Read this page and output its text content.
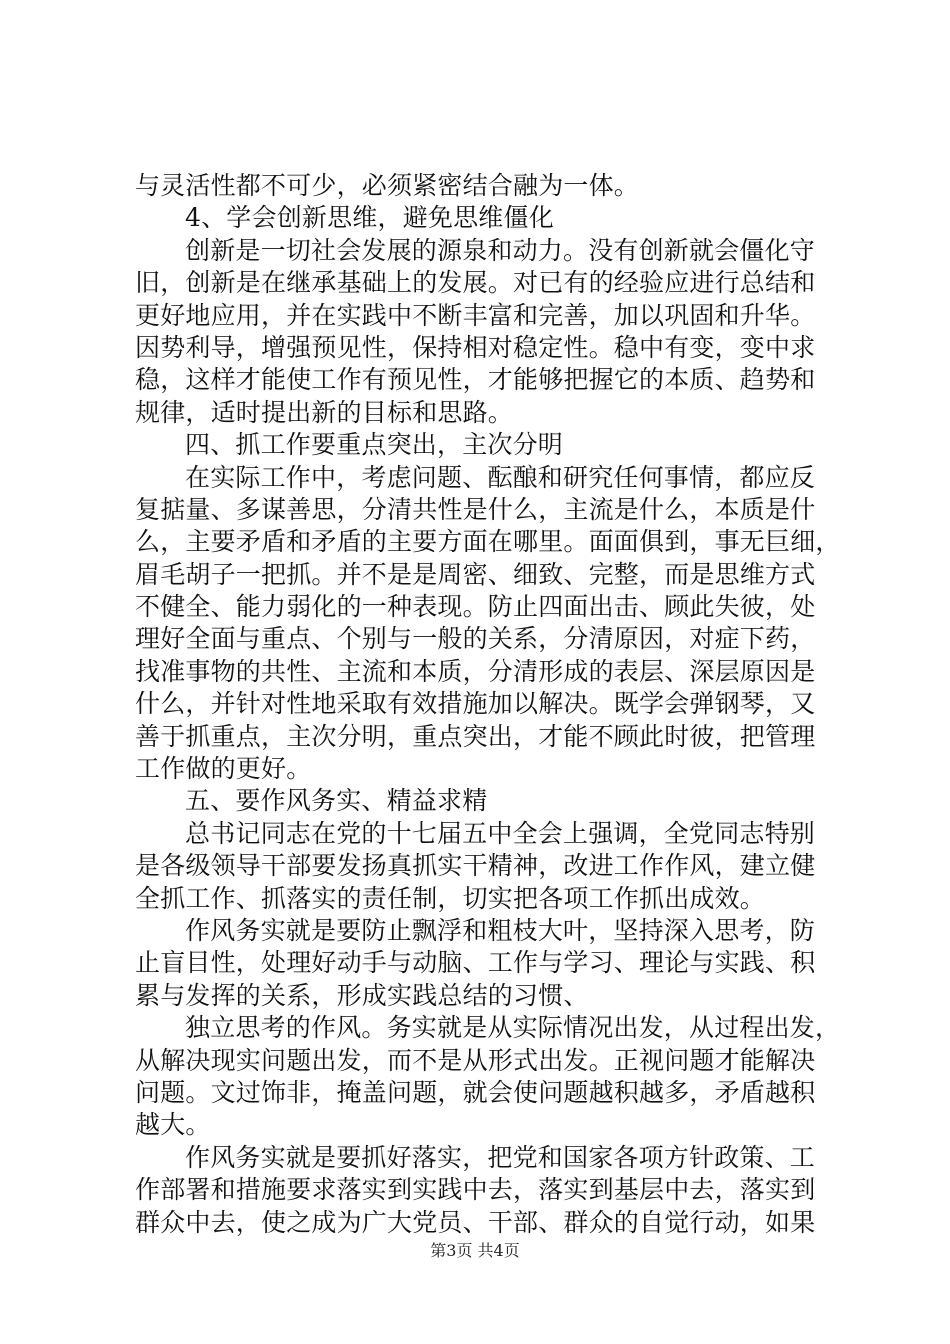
与灵活性都不可少，必须紧密结合融为一体。
4、学会创新思维，避免思维僵化
创新是一切社会发展的源泉和动力。没有创新就会僵化守
旧，创新是在继承基础上的发展。对已有的经验应进行总结和
更好地应用，并在实践中不断丰富和完善，加以巩固和升华。
因势利导，增强预见性，保持相对稳定性。稳中有变，变中求
稳，这样才能使工作有预见性，才能够把握它的本质、趋势和
规律，适时提出新的目标和思路。
四、抓工作要重点突出，主次分明
在实际工作中，考虑问题、酝酿和研究任何事情，都应反
复掂量、多谋善思，分清共性是什么，主流是什么，本质是什
么，主要矛盾和矛盾的主要方面在哪里。面面俱到，事无巨细，
眉毛胡子一把抓。并不是是周密、细致、完整，而是思维方式
不健全、能力弱化的一种表现。防止四面出击、顾此失彼，处
理好全面与重点、个别与一般的关系，分清原因，对症下药，
找准事物的共性、主流和本质，分清形成的表层、深层原因是
什么，并针对性地采取有效措施加以解决。既学会弹钢琴，又
善于抓重点，主次分明，重点突出，才能不顾此时彼，把管理
工作做的更好。
五、要作风务实、精益求精
总书记同志在党的十七届五中全会上强调，全党同志特别
是各级领导干部要发扬真抓实干精神，改进工作作风，建立健
全抓工作、抓落实的责任制，切实把各项工作抓出成效。
作风务实就是要防止飘浮和粗枝大叶，坚持深入思考，防
止盲目性，处理好动手与动脑、工作与学习、理论与实践、积
累与发挥的关系，形成实践总结的习惯、
独立思考的作风。务实就是从实际情况出发，从过程出发，
从解决现实问题出发，而不是从形式出发。正视问题才能解决
问题。文过饰非，掩盖问题，就会使问题越积越多，矛盾越积
越大。
作风务实就是要抓好落实，把党和国家各项方针政策、工
作部署和措施要求落实到实践中去，落实到基层中去，落实到
群众中去，使之成为广大党员、干部、群众的自觉行动，如果
第3页 共4页
